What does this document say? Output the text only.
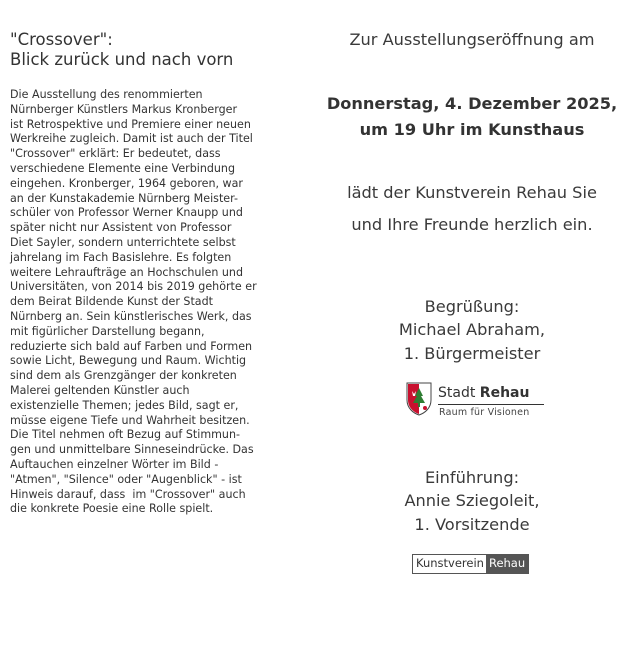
"Crossover":
Blick zurück und nach vorn
Die Ausstellung des renommierten
Nürnberger Künstlers Markus Kronberger
ist Retrospektive und Premiere einer neuen
Werkreihe zugleich. Damit ist auch der Titel
"Crossover" erklärt: Er bedeutet, dass
verschiedene Elemente eine Verbindung
eingehen. Kronberger, 1964 geboren, war
an der Kunstakademie Nürnberg Meister-
schüler von Professor Werner Knaupp und
später nicht nur Assistent von Professor
Diet Sayler, sondern unterrichtete selbst
jahrelang im Fach Basislehre. Es folgten
weitere Lehraufträge an Hochschulen und
Universitäten, von 2014 bis 2019 gehörte er
dem Beirat Bildende Kunst der Stadt
Nürnberg an. Sein künstlerisches Werk, das
mit figürlicher Darstellung begann,
reduzierte sich bald auf Farben und Formen
sowie Licht, Bewegung und Raum. Wichtig
sind dem als Grenzgänger der konkreten
Malerei geltenden Künstler auch
existenzielle Themen; jedes Bild, sagt er,
müsse eigene Tiefe und Wahrheit besitzen.
Die Titel nehmen oft Bezug auf Stimmun-
gen und unmittelbare Sinneseindrücke. Das
Auftauchen einzelner Wörter im Bild -
"Atmen", "Silence" oder "Augenblick" - ist
Hinweis darauf, dass  im "Crossover" auch
die konkrete Poesie eine Rolle spielt.
Zur Ausstellungseröffnung am
Donnerstag, 4. Dezember 2025,
um 19 Uhr im Kunsthaus
lädt der Kunstverein Rehau Sie
und Ihre Freunde herzlich ein.
Begrüßung:
Michael Abraham,
1. Bürgermeister
Stadt Rehau
Raum für Visionen
Einführung:
Annie Sziegoleit,
1. Vorsitzende
Kunstverein Rehau
